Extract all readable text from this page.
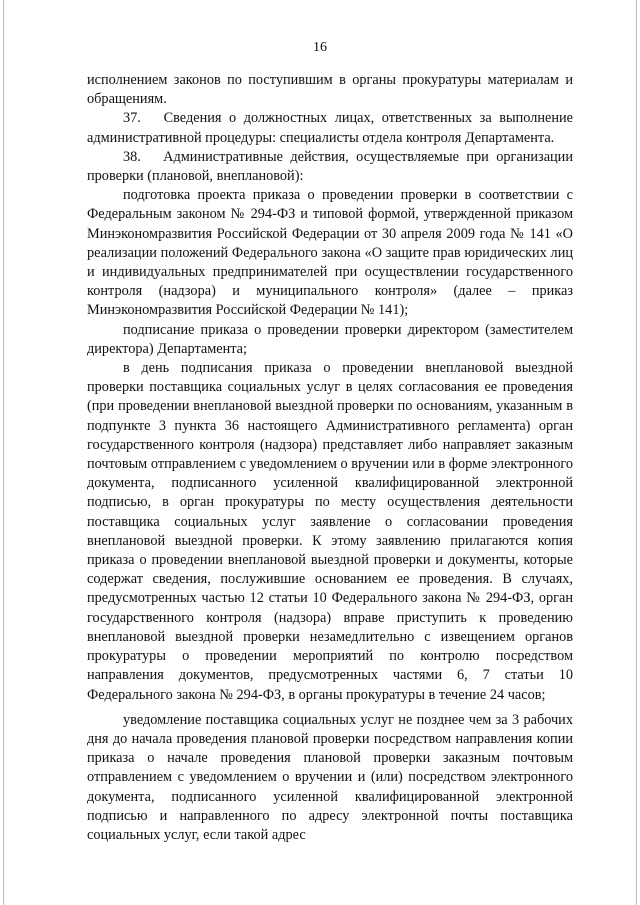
16

исполнением законов по поступившим в органы прокуратуры материалам и обращениям.

37.   Сведения о должностных лицах, ответственных за выполнение административной процедуры: специалисты отдела контроля Департамента.

38.   Административные действия, осуществляемые при организации проверки (плановой, внеплановой):

подготовка проекта приказа о проведении проверки в соответствии с Федеральным законом № 294-ФЗ и типовой формой, утвержденной приказом Минэкономразвития Российской Федерации от 30 апреля 2009 года № 141 «О реализации положений Федерального закона «О защите прав юридических лиц и индивидуальных предпринимателей при осуществлении государственного контроля (надзора) и муниципального контроля» (далее – приказ Минэкономразвития Российской Федерации № 141);

подписание приказа о проведении проверки директором (заместителем директора) Департамента;

в день подписания приказа о проведении внеплановой выездной проверки поставщика социальных услуг в целях согласования ее проведения (при проведении внеплановой выездной проверки по основаниям, указанным в подпункте 3 пункта 36 настоящего Административного регламента) орган государственного контроля (надзора) представляет либо направляет заказным почтовым отправлением с уведомлением о вручении или в форме электронного документа, подписанного усиленной квалифицированной электронной подписью, в орган прокуратуры по месту осуществления деятельности поставщика социальных услуг заявление о согласовании проведения внеплановой выездной проверки. К этому заявлению прилагаются копия приказа о проведении внеплановой выездной проверки и документы, которые содержат сведения, послужившие основанием ее проведения. В случаях, предусмотренных частью 12 статьи 10 Федерального закона № 294-ФЗ, орган государственного контроля (надзора) вправе приступить к проведению внеплановой выездной проверки незамедлительно с извещением органов прокуратуры о проведении мероприятий по контролю посредством направления документов, предусмотренных частями 6, 7 статьи 10 Федерального закона № 294-ФЗ, в органы прокуратуры в течение 24 часов;

уведомление поставщика социальных услуг не позднее чем за 3 рабочих дня до начала проведения плановой проверки посредством направления копии приказа о начале проведения плановой проверки заказным почтовым отправлением с уведомлением о вручении и (или) посредством электронного документа, подписанного усиленной квалифицированной электронной подписью и направленного по адресу электронной почты поставщика социальных услуг, если такой адрес
